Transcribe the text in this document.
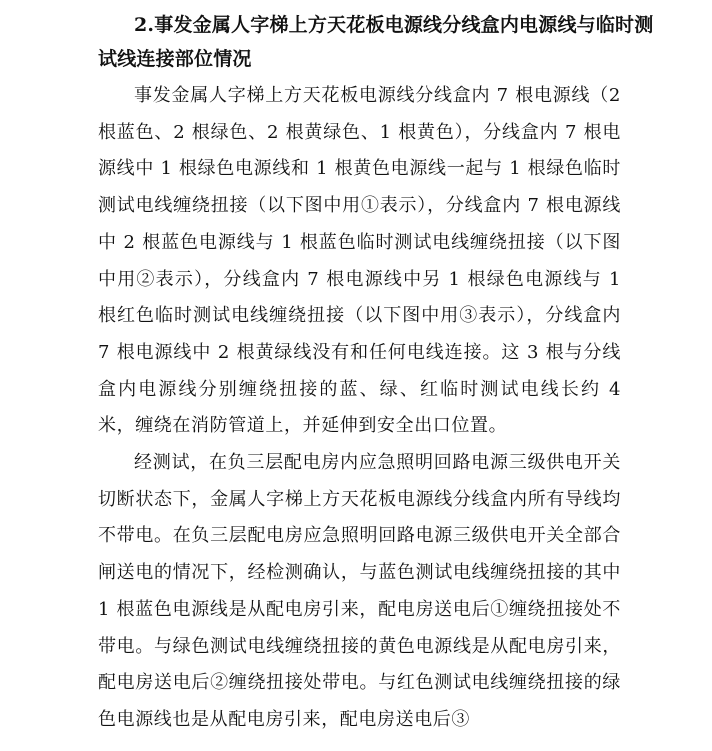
2.事发金属人字梯上方天花板电源线分线盒内电源线与临时测试线连接部位情况

事发金属人字梯上方天花板电源线分线盒内 7 根电源线（2 根蓝色、2 根绿色、2 根黄绿色、1 根黄色），分线盒内 7 根电源线中 1 根绿色电源线和 1 根黄色电源线一起与 1 根绿色临时测试电线缠绕扭接（以下图中用①表示），分线盒内 7 根电源线中 2 根蓝色电源线与 1 根蓝色临时测试电线缠绕扭接（以下图中用②表示），分线盒内 7 根电源线中另 1 根绿色电源线与 1 根红色临时测试电线缠绕扭接（以下图中用③表示），分线盒内 7 根电源线中 2 根黄绿线没有和任何电线连接。这 3 根与分线盒内电源线分别缠绕扭接的蓝、绿、红临时测试电线长约 4 米，缠绕在消防管道上，并延伸到安全出口位置。

经测试，在负三层配电房内应急照明回路电源三级供电开关切断状态下，金属人字梯上方天花板电源线分线盒内所有导线均不带电。在负三层配电房应急照明回路电源三级供电开关全部合闸送电的情况下，经检测确认，与蓝色测试电线缠绕扭接的其中 1 根蓝色电源线是从配电房引来，配电房送电后①缠绕扭接处不带电。与绿色测试电线缠绕扭接的黄色电源线是从配电房引来，配电房送电后②缠绕扭接处带电。与红色测试电线缠绕扭接的绿色电源线也是从配电房引来，配电房送电后③
